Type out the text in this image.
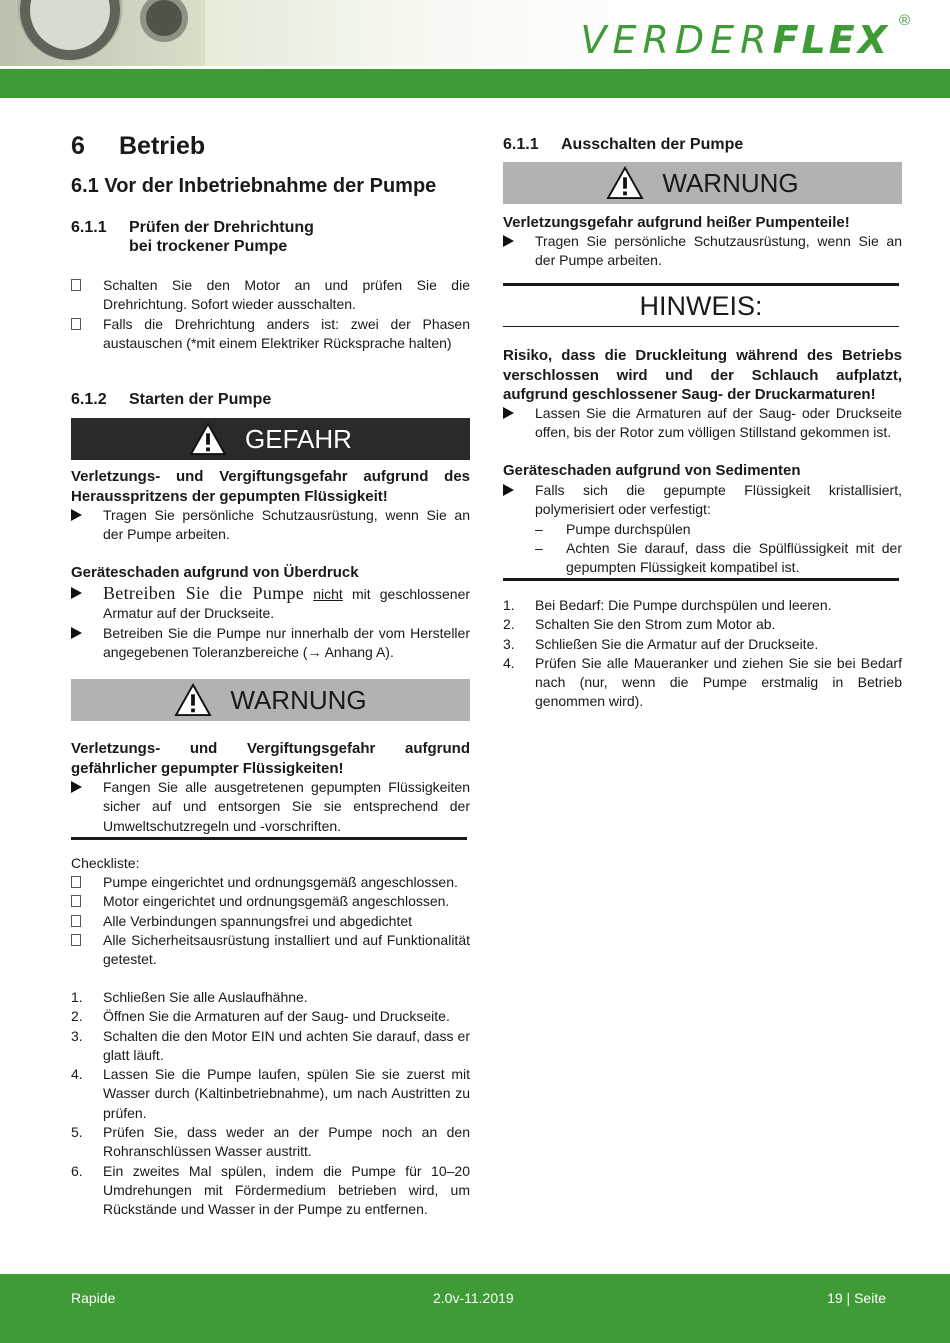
VERDERFLEX ®
6 Betrieb
6.1 Vor der Inbetriebnahme der Pumpe
6.1.1 Prüfen der Drehrichtung
bei trockener Pumpe
Schalten Sie den Motor an und prüfen Sie die Drehrichtung. Sofort wieder ausschalten.
Falls die Drehrichtung anders ist: zwei der Phasen austauschen (*mit einem Elektriker Rücksprache halten)
6.1.2 Starten der Pumpe
GEFAHR
Verletzungs- und Vergiftungsgefahr aufgrund des Herausspritzens der gepumpten Flüssigkeit!
Tragen Sie persönliche Schutzausrüstung, wenn Sie an der Pumpe arbeiten.
Geräteschaden aufgrund von Überdruck
Betreiben Sie die Pumpe nicht mit geschlossener Armatur auf der Druckseite.
Betreiben Sie die Pumpe nur innerhalb der vom Hersteller angegebenen Toleranzbereiche (→ Anhang A).
WARNUNG
Verletzungs- und Vergiftungsgefahr aufgrund gefährlicher gepumpter Flüssigkeiten!
Fangen Sie alle ausgetretenen gepumpten Flüssigkeiten sicher auf und entsorgen Sie sie entsprechend der Umweltschutzregeln und -vorschriften.
Checkliste:
Pumpe eingerichtet und ordnungsgemäß angeschlossen.
Motor eingerichtet und ordnungsgemäß angeschlossen.
Alle Verbindungen spannungsfrei und abgedichtet
Alle Sicherheitsausrüstung installiert und auf Funktionalität getestet.
1.	Schließen Sie alle Auslaufhähne.
2.	Öffnen Sie die Armaturen auf der Saug- und Druckseite.
3.	Schalten die den Motor EIN und achten Sie darauf, dass er glatt läuft.
4.	Lassen Sie die Pumpe laufen, spülen Sie sie zuerst mit Wasser durch (Kaltinbetriebnahme), um nach Austritten zu prüfen.
5.	Prüfen Sie, dass weder an der Pumpe noch an den Rohranschlüssen Wasser austritt.
6.	Ein zweites Mal spülen, indem die Pumpe für 10–20 Umdrehungen mit Fördermedium betrieben wird, um Rückstände und Wasser in der Pumpe zu entfernen.
6.1.1 Ausschalten der Pumpe
WARNUNG
Verletzungsgefahr aufgrund heißer Pumpenteile!
Tragen Sie persönliche Schutzausrüstung, wenn Sie an der Pumpe arbeiten.
HINWEIS:
Risiko, dass die Druckleitung während des Betriebs verschlossen wird und der Schlauch aufplatzt, aufgrund geschlossener Saug- der Druckarmaturen!
Lassen Sie die Armaturen auf der Saug- oder Druckseite offen, bis der Rotor zum völligen Stillstand gekommen ist.
Geräteschaden aufgrund von Sedimenten
Falls sich die gepumpte Flüssigkeit kristallisiert, polymerisiert oder verfestigt:
– Pumpe durchspülen
– Achten Sie darauf, dass die Spülflüssigkeit mit der gepumpten Flüssigkeit kompatibel ist.
1.	Bei Bedarf: Die Pumpe durchspülen und leeren.
2.	Schalten Sie den Strom zum Motor ab.
3.	Schließen Sie die Armatur auf der Druckseite.
4.	Prüfen Sie alle Maueranker und ziehen Sie sie bei Bedarf nach (nur, wenn die Pumpe erstmalig in Betrieb genommen wird).
Rapide	2.0v-11.2019	19 | Seite
